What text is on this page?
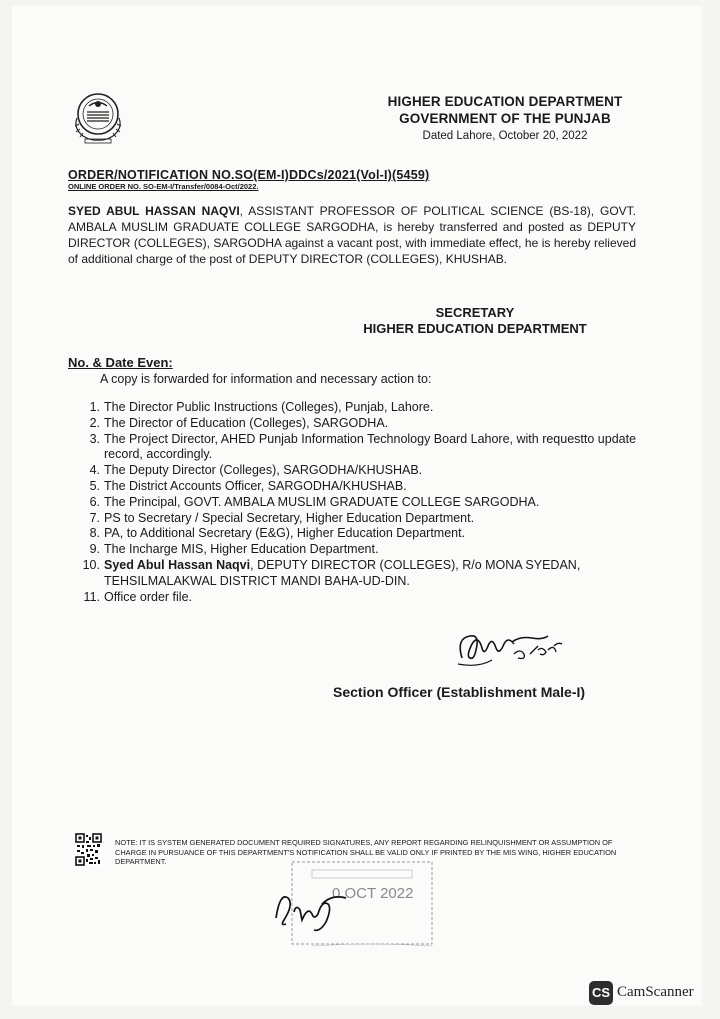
HIGHER EDUCATION DEPARTMENT
GOVERNMENT OF THE PUNJAB
Dated Lahore, October 20, 2022
ORDER/NOTIFICATION NO.SO(EM-I)DDCs/2021(Vol-I)(5459)
ONLINE ORDER NO. SO-EM-I/Transfer/0084-Oct/2022.
SYED ABUL HASSAN NAQVI, ASSISTANT PROFESSOR OF POLITICAL SCIENCE (BS-18), GOVT. AMBALA MUSLIM GRADUATE COLLEGE SARGODHA, is hereby transferred and posted as DEPUTY DIRECTOR (COLLEGES), SARGODHA against a vacant post, with immediate effect, he is hereby relieved of additional charge of the post of DEPUTY DIRECTOR (COLLEGES), KHUSHAB.
SECRETARY
HIGHER EDUCATION DEPARTMENT
No. & Date Even:
A copy is forwarded for information and necessary action to:
1. The Director Public Instructions (Colleges), Punjab, Lahore.
2. The Director of Education (Colleges), SARGODHA.
3. The Project Director, AHED Punjab Information Technology Board Lahore, with requestto update record, accordingly.
4. The Deputy Director (Colleges), SARGODHA/KHUSHAB.
5. The District Accounts Officer, SARGODHA/KHUSHAB.
6. The Principal, GOVT. AMBALA MUSLIM GRADUATE COLLEGE SARGODHA.
7. PS to Secretary / Special Secretary, Higher Education Department.
8. PA, to Additional Secretary (E&G), Higher Education Department.
9. The Incharge MIS, Higher Education Department.
10. Syed Abul Hassan Naqvi, DEPUTY DIRECTOR (COLLEGES), R/o MONA SYEDAN, TEHSILMALAKWAL DISTRICT MANDI BAHA-UD-DIN.
11. Office order file.
Section Officer (Establishment Male-I)
NOTE: IT IS SYSTEM GENERATED DOCUMENT REQUIRED SIGNATURES, ANY REPORT REGARDING RELINQUISHMENT OR ASSUMPTION OF CHARGE IN PURSUANCE OF THIS DEPARTMENT'S NOTIFICATION SHALL BE VALID ONLY IF PRINTED BY THE MIS WING, HIGHER EDUCATION DEPARTMENT.
0 OCT 2022
CS CamScanner
